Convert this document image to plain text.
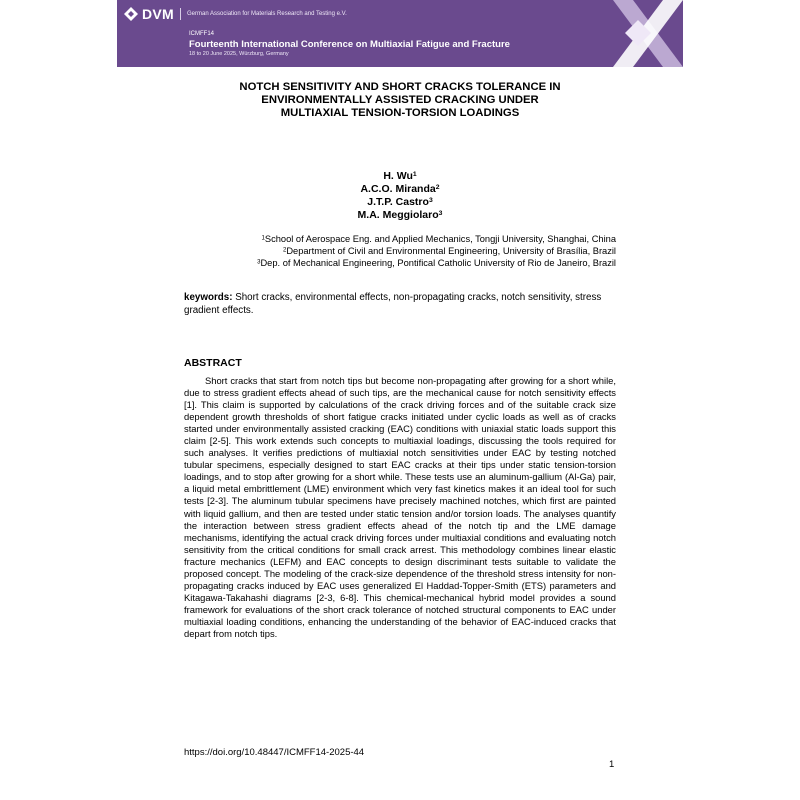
DVM German Association for Materials Research and Testing e.V.
ICMFF14
Fourteenth International Conference on Multiaxial Fatigue and Fracture
18 to 20 June 2025, Würzburg, Germany
NOTCH SENSITIVITY AND SHORT CRACKS TOLERANCE IN
ENVIRONMENTALLY ASSISTED CRACKING UNDER
MULTIAXIAL TENSION-TORSION LOADINGS
H. Wu$^1$
A.C.O. Miranda$^2$
J.T.P. Castro$^3$
M.A. Meggiolaro$^3$
$^1$School of Aerospace Eng. and Applied Mechanics, Tongji University, Shanghai, China
$^2$Department of Civil and Environmental Engineering, University of Brasília, Brazil
$^3$Dep. of Mechanical Engineering, Pontifical Catholic University of Rio de Janeiro, Brazil
keywords: Short cracks, environmental effects, non-propagating cracks, notch sensitivity, stress gradient effects.
ABSTRACT

Short cracks that start from notch tips but become non-propagating after growing for a short while, due to stress gradient effects ahead of such tips, are the mechanical cause for notch sensitivity effects [1]. This claim is supported by calculations of the crack driving forces and of the suitable crack size dependent growth thresholds of short fatigue cracks initiated under cyclic loads as well as of cracks started under environmentally assisted cracking (EAC) conditions with uniaxial static loads support this claim [2-5]. This work extends such concepts to multiaxial loadings, discussing the tools required for such analyses. It verifies predictions of multiaxial notch sensitivities under EAC by testing notched tubular specimens, especially designed to start EAC cracks at their tips under static tension-torsion loadings, and to stop after growing for a short while. These tests use an aluminum-gallium (Al-Ga) pair, a liquid metal embrittlement (LME) environment which very fast kinetics makes it an ideal tool for such tests [2-3]. The aluminum tubular specimens have precisely machined notches, which first are painted with liquid gallium, and then are tested under static tension and/or torsion loads. The analyses quantify the interaction between stress gradient effects ahead of the notch tip and the LME damage mechanisms, identifying the actual crack driving forces under multiaxial conditions and evaluating notch sensitivity from the critical conditions for small crack arrest. This methodology combines linear elastic fracture mechanics (LEFM) and EAC concepts to design discriminant tests suitable to validate the proposed concept. The modeling of the crack-size dependence of the threshold stress intensity for non-propagating cracks induced by EAC uses generalized El Haddad-Topper-Smith (ETS) parameters and Kitagawa-Takahashi diagrams [2-3, 6-8]. This chemical-mechanical hybrid model provides a sound framework for evaluations of the short crack tolerance of notched structural components to EAC under multiaxial loading conditions, enhancing the understanding of the behavior of EAC-induced cracks that depart from notch tips.

https://doi.org/10.48447/ICMFF14-2025-44
1
